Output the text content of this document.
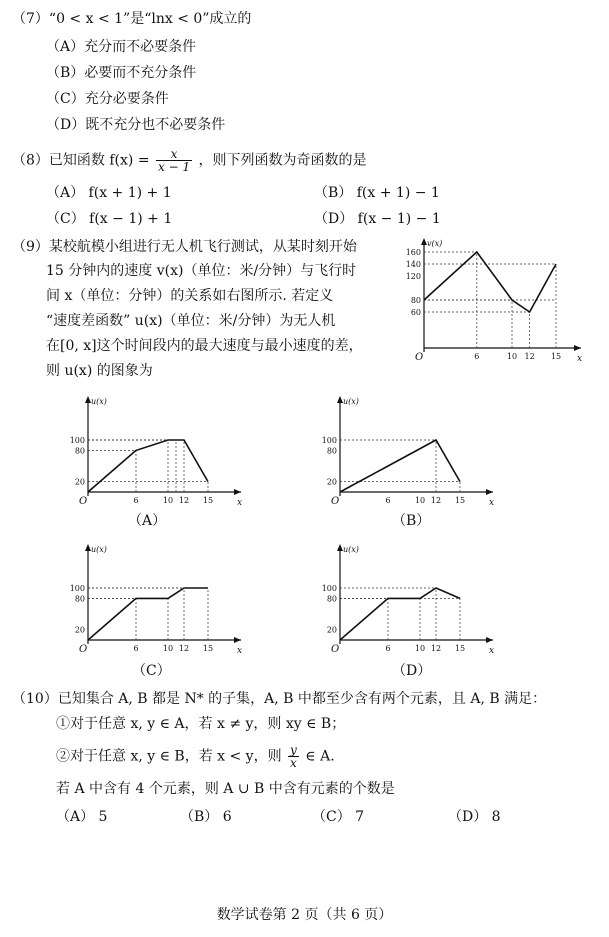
（7）“0 < x < 1”是“lnx < 0”成立的
（A）充分而不必要条件
（B）必要而不充分条件
（C）充分必要条件
（D）既不充分也不必要条件
（8）已知函数 $f(x) = \frac{x}{x - 1}$ ，则下列函数为奇函数的是
（A） f(x + 1) + 1	（B） f(x + 1) − 1
（C） f(x − 1) + 1	（D） f(x − 1) − 1
（9）某校航模小组进行无人机飞行测试，从某时刻开始
15 分钟内的速度 v(x)（单位：米/分钟）与飞行时
间 x（单位：分钟）的关系如右图所示. 若定义
“速度差函数” u(x)（单位：米/分钟）为无人机
在[0, x]这个时间段内的最大速度与最小速度的差，
则 u(x) 的图象为
160
140
120
80
60
6	10 12 15
O
v(x)
x
100
80
20
6	10 12 15
O
u(x)
x
（A）
100
80
20
6	10 12 15
O
u(x)
x
（B）
100
80
20
6	10 12 15
O
u(x)
x
（C）
100
80
20
6	10 12 15
O
u(x)
x
（D）
（10）已知集合 A, B 都是 N* 的子集，A, B 中都至少含有两个元素，且 A, B 满足：
①对于任意 x, y ∈ A，若 x ≠ y，则 xy ∈ B；
②对于任意 x, y ∈ B，若 x < y，则 $\frac{y}{x}$ ∈ A.
若 A 中含有 4 个元素，则 A ∪ B 中含有元素的个数是
（A） 5	（B） 6	（C） 7	（D） 8
数学试卷第 2 页（共 6 页）
